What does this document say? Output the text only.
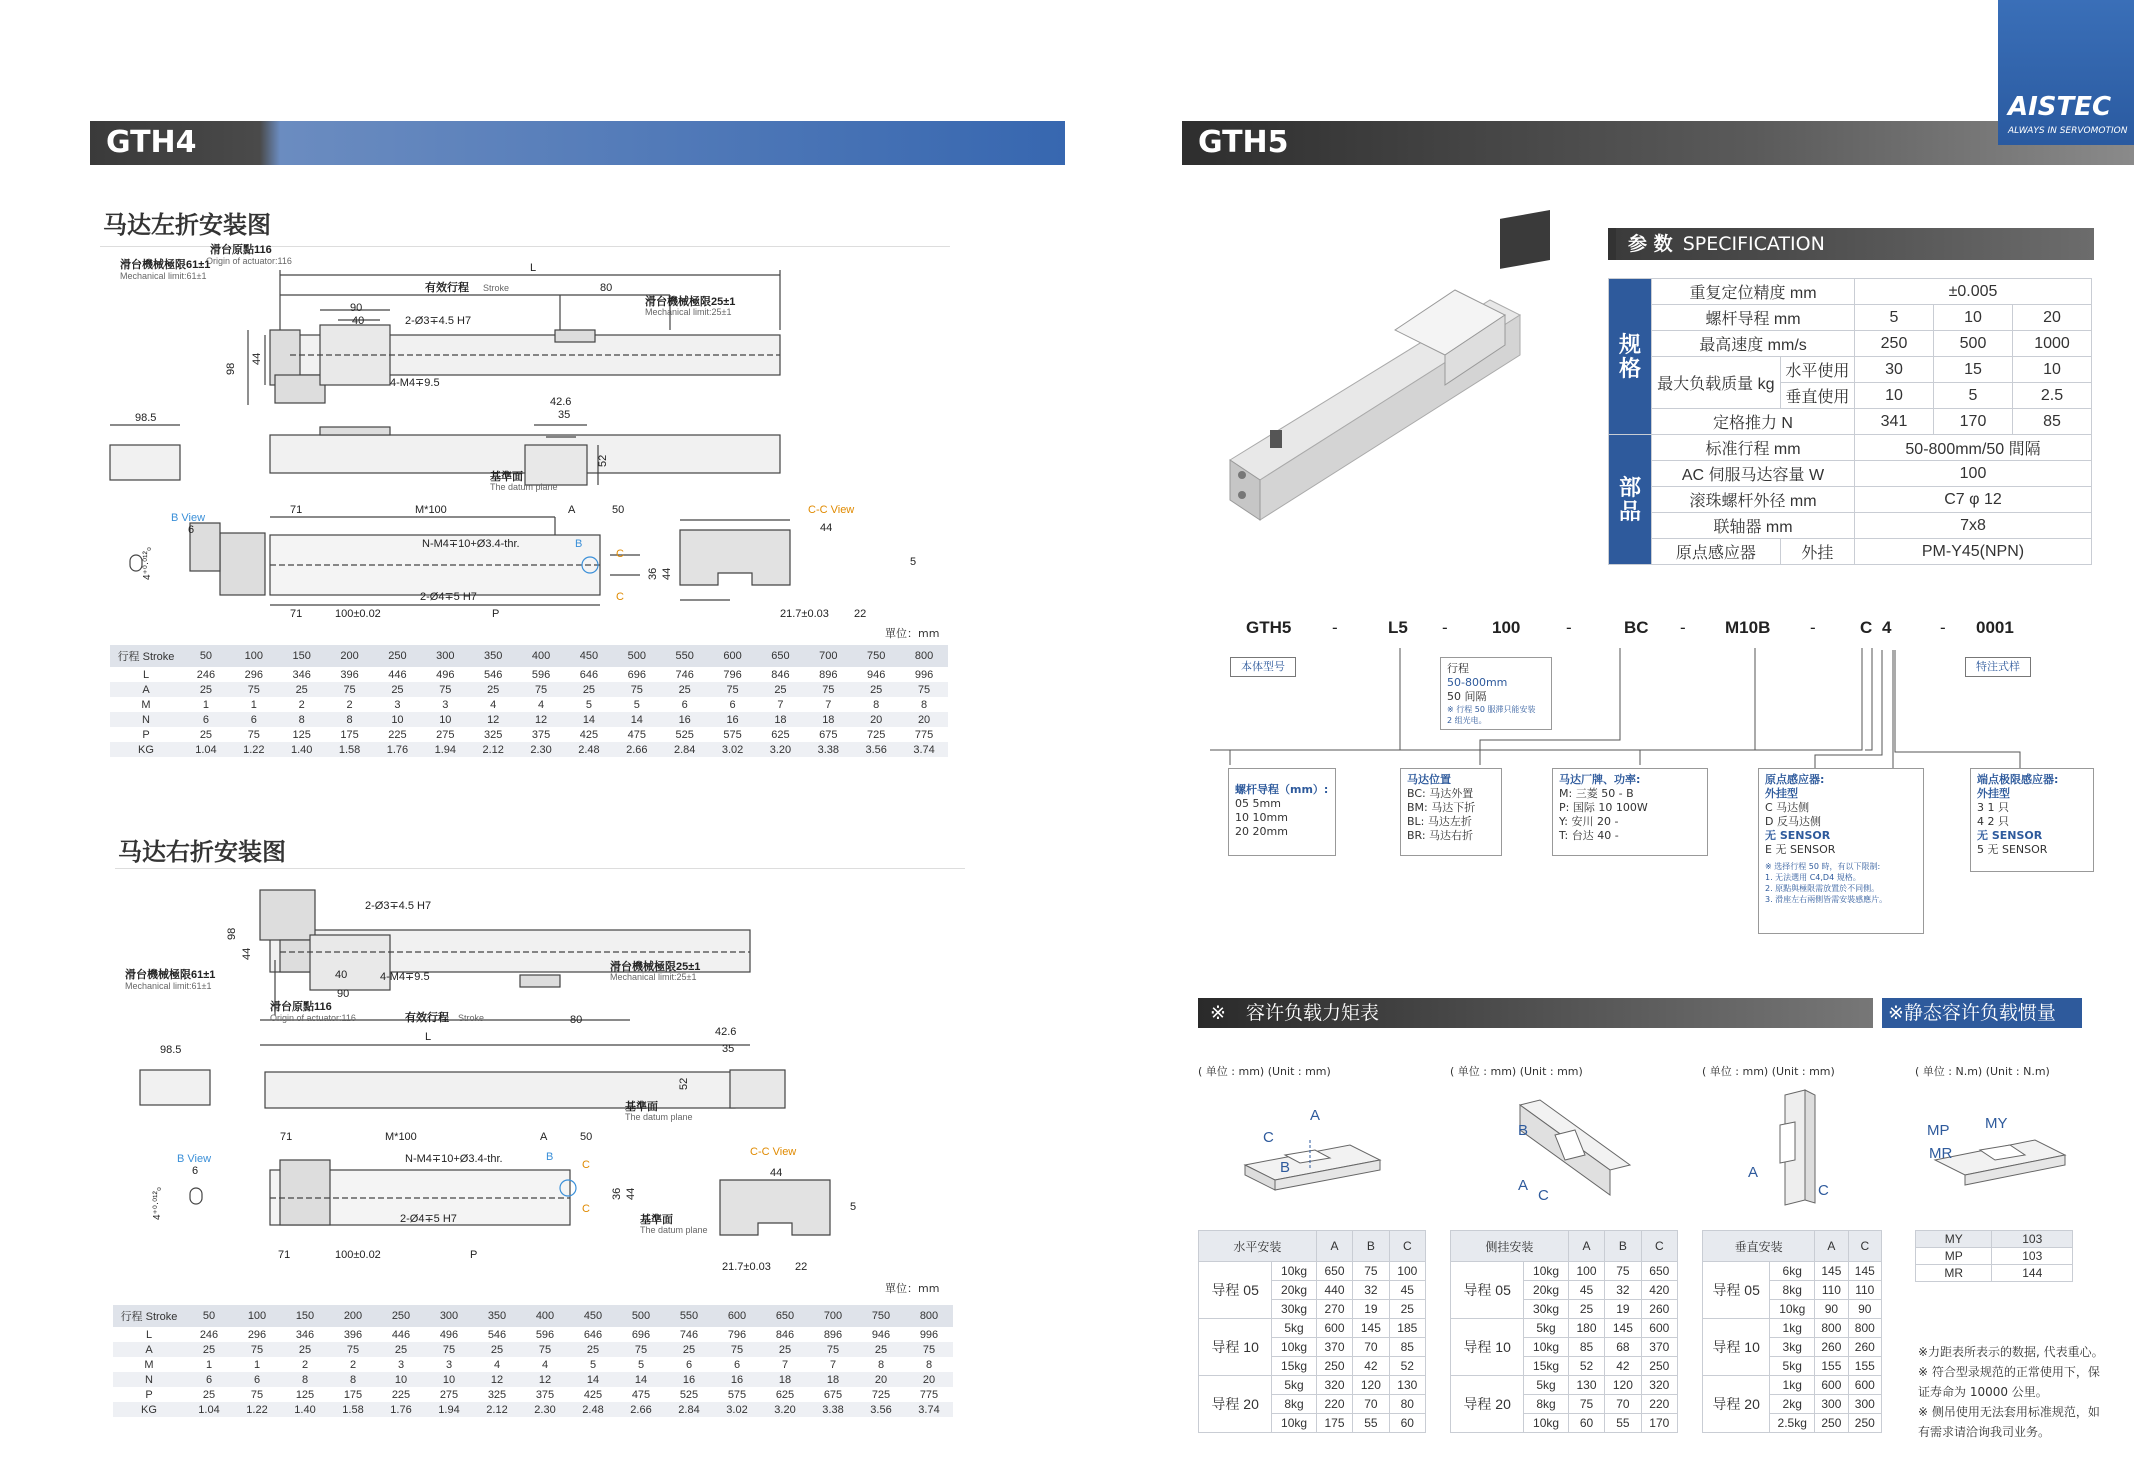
GTH4
马达左折安装图
L
滑台原點116
Origin of actuator:116
滑台機械極限61±1
Mechanical limit:61±1
有效行程 Stroke	80
滑台機械極限25±1
Mechanical limit:25±1
90
40	2-Ø3∓4.5 H7
98
44
4-M4∓9.5
98.5
42.6
35
52
基準面
The datum plane
B View
6
4⁺⁰·⁰¹²₀
71	M*100	A	50	C-C View
44
N-M4∓10+Ø3.4-thr.	B
C
C
36 44
5
2-Ø4∓5 H7
71	100±0.02	P	21.7±0.03 22
單位：mm
行程 Stroke	50	100	150	200	250	300	350	400	450	500	550	600	650	700	750	800
L	246	296	346	396	446	496	546	596	646	696	746	796	846	896	946	996
A	25	75	25	75	25	75	25	75	25	75	25	75	25	75	25	75
M	1	1	2	2	3	3	4	4	5	5	6	6	7	7	8	8
N	6	6	8	8	10	10	12	12	14	14	16	16	18	18	20	20
P	25	75	125	175	225	275	325	375	425	475	525	575	625	675	725	775
KG	1.04	1.22	1.40	1.58	1.76	1.94	2.12	2.30	2.48	2.66	2.84	3.02	3.20	3.38	3.56	3.74
马达右折安装图
2-Ø3∓4.5 H7
98
44
4-M4∓9.5
滑台機械極限61±1
Mechanical limit:61±1
滑台機械極限25±1
Mechanical limit:25±1
40
90
滑台原點116
Origin of actuator:116	有效行程 Stroke	80
L
98.5
42.6
35
52
基準面
The datum plane
B View
6
4⁺⁰·⁰¹²₀
71	M*100	A	50
C-C View
44
N-M4∓10+Ø3.4-thr.	B
C
C
36 44
5
2-Ø4∓5 H7	基準面
The datum plane
71	100±0.02	P
21.7±0.03 22
單位：mm
行程 Stroke	50	100	150	200	250	300	350	400	450	500	550	600	650	700	750	800
L	246	296	346	396	446	496	546	596	646	696	746	796	846	896	946	996
A	25	75	25	75	25	75	25	75	25	75	25	75	25	75	25	75
M	1	1	2	2	3	3	4	4	5	5	6	6	7	7	8	8
N	6	6	8	8	10	10	12	12	14	14	16	16	18	18	20	20
P	25	75	125	175	225	275	325	375	425	475	525	575	625	675	725	775
KG	1.04	1.22	1.40	1.58	1.76	1.94	2.12	2.30	2.48	2.66	2.84	3.02	3.20	3.38	3.56	3.74
GTH5
AISTEC
ALWAYS IN SERVOMOTION
参 数 SPECIFICATION
规格	重复定位精度 mm		±0.005		
	螺杆导程 mm		5	10	20
	最高速度 mm/s		250	500	1000
	最大负载质量 kg	水平使用	30	15	10
		垂直使用	10	5	2.5
	定格推力 N		341	170	85
部品	标准行程 mm		50-800mm/50 間隔		
	AC 伺服马达容量 W		100		
	滚珠螺杆外径 mm		C7 φ 12		
	联轴器 mm		7x8		
	原点感应器	外挂	PM-Y45(NPN)		
GTH5 -	L5 -	100	-	BC - M10B -	C 4	- 0001
本体型号	特注式样
行程
50-800mm
50 间隔
※ 行程 50 服滞只能安装
2 组光电。
螺杆导程（mm）:
05 5mm
10 10mm
20 20mm
马达位置
BC: 马达外置
BM: 马达下折
BL: 马达左折
BR: 马达右折
马达厂牌、功率:
M: 三菱 50 - B
P: 国际 10 100W
Y: 安川 20 -
T: 台达 40 -
原点感应器:
外挂型
C 马达侧
D 反马达侧
无 SENSOR
E 无 SENSOR
※ 选择行程 50 時，有以下限制:
1. 无法選用 C4,D4 規格。
2. 原點與極限需放置於不同側。
3. 滑座左右兩側皆需安裝感應片。
端点极限感应器:
外挂型
3 1 只
4 2 只
无 SENSOR
5 无 SENSOR
※ 容许负载力矩表	※静态容许负载惯量
( 单位 : mm) (Unit : mm)	( 单位 : mm) (Unit : mm)	( 单位 : mm) (Unit : mm)	( 单位 : N.m) (Unit : N.m)
A
C
B
B
A
C
A
C
MP MY
MR
水平安装		A	B	C
导程 05	10kg	650	75	100
	20kg	440	32	45
	30kg	270	19	25
导程 10	5kg	600	145	185
	10kg	370	70	85
	15kg	250	42	52
导程 20	5kg	320	120	130
	8kg	220	70	80
	10kg	175	55	60
侧挂安装		A	B	C
导程 05	10kg	100	75	650
	20kg	45	32	420
	30kg	25	19	260
导程 10	5kg	180	145	600
	10kg	85	68	370
	15kg	52	42	250
导程 20	5kg	130	120	320
	8kg	75	70	220
	10kg	60	55	170
垂直安装		A	C
导程 05	6kg	145	145
	8kg	110	110
	10kg	90	90
导程 10	1kg	800	800
	3kg	260	260
	5kg	155	155
导程 20	1kg	600	600
	2kg	300	300
	2.5kg	250	250
MY	103
MP	103
MR	144
※力距表所表示的数据, 代表重心。
※ 符合型录规范的正常使用下，保
证寿命为 10000 公里。
※ 侧吊使用无法套用标准规范，如
有需求请洽询我司业务。
